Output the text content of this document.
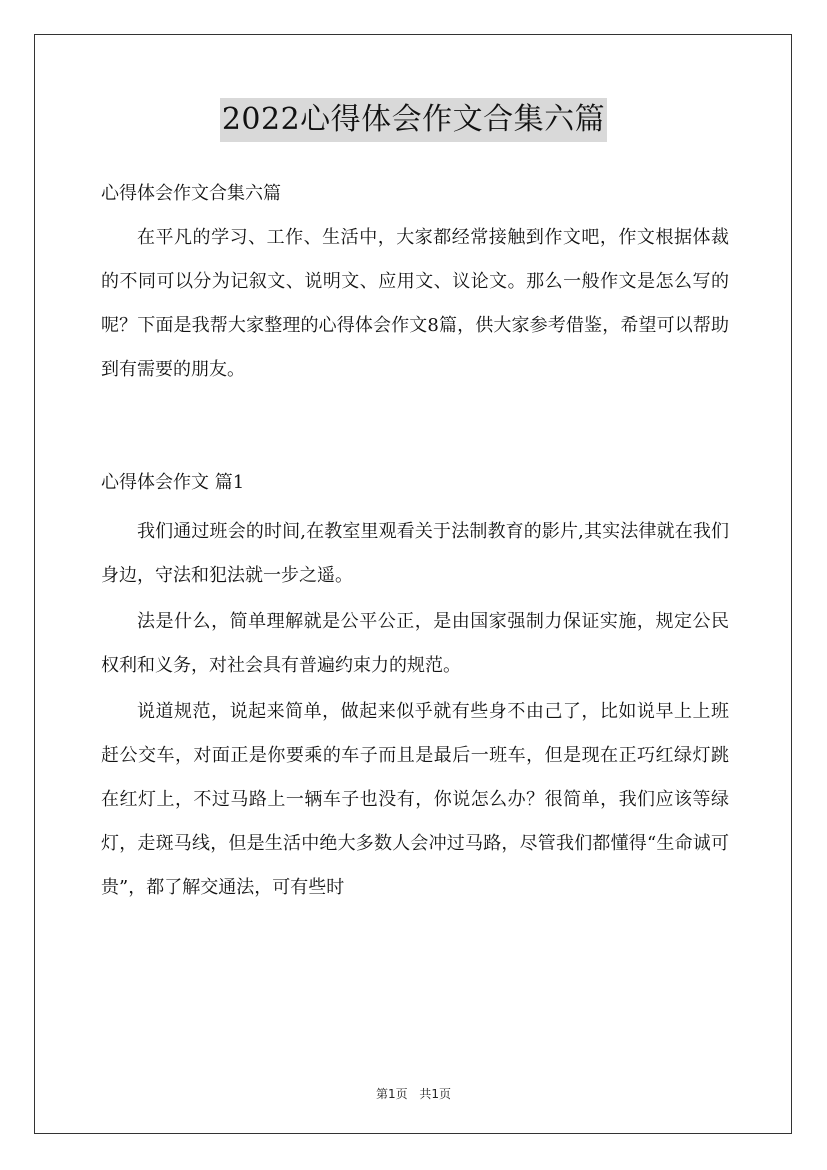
2022心得体会作文合集六篇

心得体会作文合集六篇

在平凡的学习、工作、生活中，大家都经常接触到作文吧，作文根据体裁的不同可以分为记叙文、说明文、应用文、议论文。那么一般作文是怎么写的呢？下面是我帮大家整理的心得体会作文8篇，供大家参考借鉴，希望可以帮助到有需要的朋友。

心得体会作文 篇1

我们通过班会的时间,在教室里观看关于法制教育的影片,其实法律就在我们身边，守法和犯法就一步之遥。

法是什么，简单理解就是公平公正，是由国家强制力保证实施，规定公民权利和义务，对社会具有普遍约束力的规范。

说道规范，说起来简单，做起来似乎就有些身不由己了，比如说早上上班赶公交车，对面正是你要乘的车子而且是最后一班车，但是现在正巧红绿灯跳在红灯上，不过马路上一辆车子也没有，你说怎么办？很简单，我们应该等绿灯，走斑马线，但是生活中绝大多数人会冲过马路，尽管我们都懂得“生命诚可贵”，都了解交通法，可有些时

第1页 共1页
